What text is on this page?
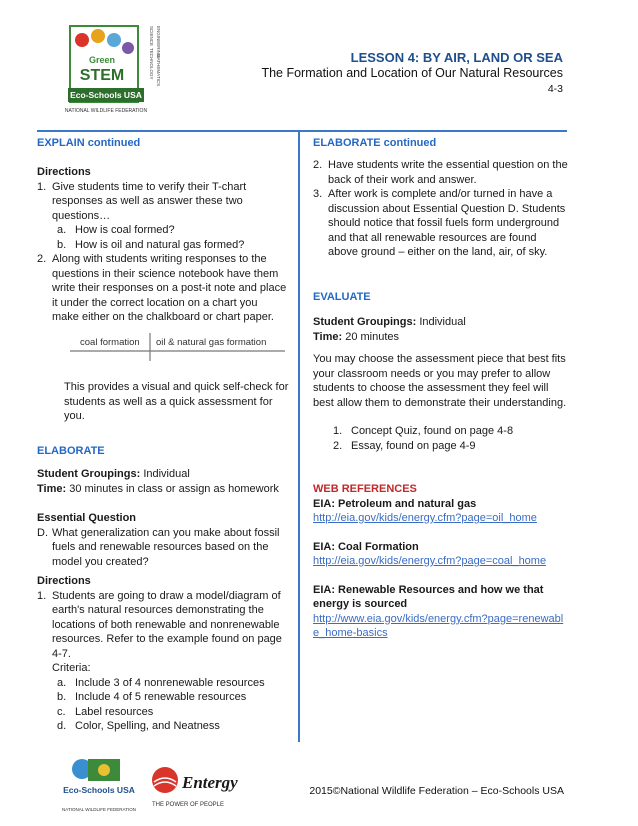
Green
STEM
Eco-Schools USA
NATIONAL WILDLIFE FEDERATION
SCIENCE
TECHNOLOGY
ENGINEERING
MATHEMATICS	LESSON 4: BY AIR, LAND OR SEA
The Formation and Location of Our Natural Resources
4-3
EXPLAIN continued
Directions
1. Give students time to verify their T-chart responses as well as answer these two questions…
a. How is coal formed?
b. How is oil and natural gas formed?
2. Along with students writing responses to the questions in their science notebook have them write their responses on a post-it note and place it under the correct location on a chart you make either on the chalkboard or chart paper.
coal formation oil & natural gas formation
This provides a visual and quick self-check for students as well as a quick assessment for you.
ELABORATE
Student Groupings: Individual
Time: 30 minutes in class or assign as homework
Essential Question
D. What generalization can you make about fossil fuels and renewable resources based on the model you created?
Directions
1. Students are going to draw a model/diagram of earth's natural resources demonstrating the locations of both renewable and nonrenewable resources. Refer to the example found on page 4-7.
Criteria:
a. Include 3 of 4 nonrenewable resources
b. Include 4 of 5 renewable resources
c. Label resources
d. Color, Spelling, and Neatness
ELABORATE continued
2. Have students write the essential question on the back of their work and answer.
3. After work is complete and/or turned in have a discussion about Essential Question D. Students should notice that fossil fuels form underground and that all renewable resources are found above ground – either on the land, air, of sky.
EVALUATE
Student Groupings: Individual
Time: 20 minutes
You may choose the assessment piece that best fits your classroom needs or you may prefer to allow students to choose the assessment they feel will best allow them to demonstrate their understanding.
1. Concept Quiz, found on page 4-8
2. Essay, found on page 4-9
WEB REFERENCES
EIA: Petroleum and natural gas
http://eia.gov/kids/energy.cfm?page=oil_home
EIA: Coal Formation
http://eia.gov/kids/energy.cfm?page=coal_home
EIA: Renewable Resources and how we that energy is sourced
http://www.eia.gov/kids/energy.cfm?page=renewable_home-basics
Eco-Schools USA
NATIONAL WILDLIFE FEDERATION
Entergy
THE POWER OF PEOPLE
2015©National Wildlife Federation – Eco-Schools USA
